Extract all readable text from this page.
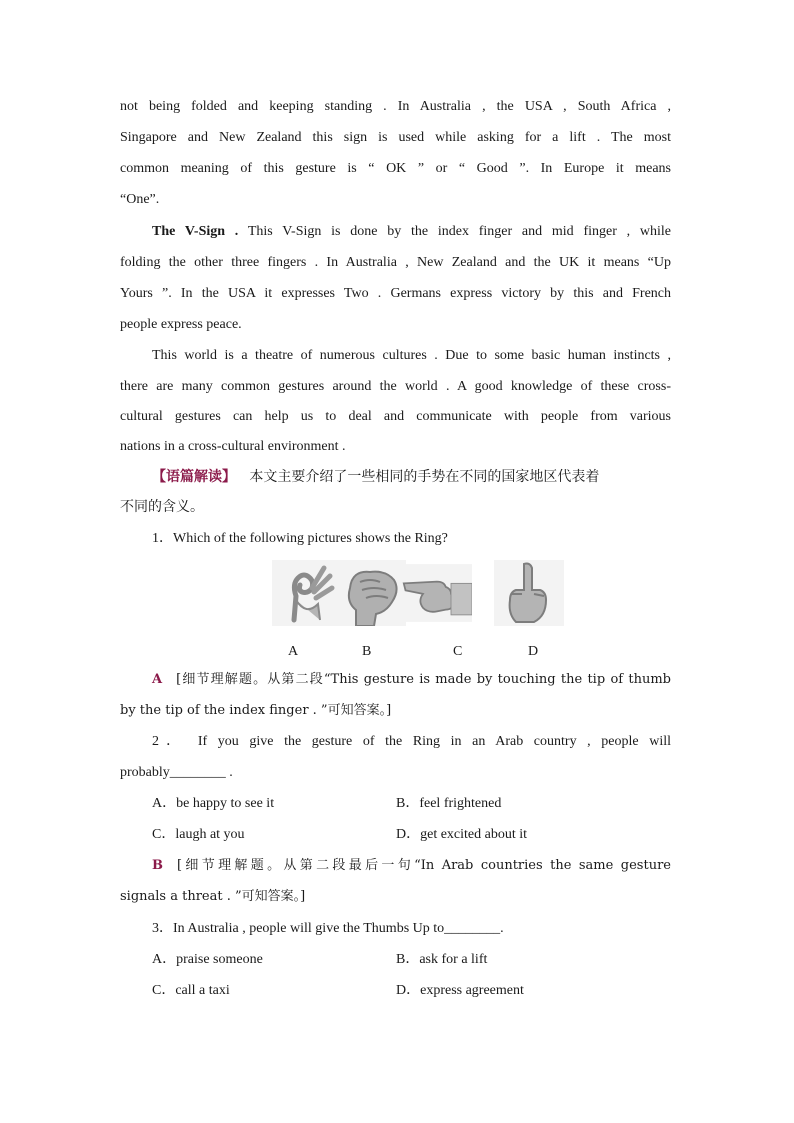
not being folded and keeping standing . In Australia , the USA , South Africa ,
Singapore and New Zealand this sign is used while asking for a lift . The most
common meaning of this gesture is “ OK ” or “ Good ”. In Europe it means
“One”.
The V-Sign . This V-Sign is done by the index finger and mid finger , while
folding the other three fingers . In Australia , New Zealand and the UK it means “Up
Yours ”. In the USA it expresses Two . Germans express victory by this and French
people express peace.
This world is a theatre of numerous cultures . Due to some basic human instincts ,
there are many common gestures around the world . A good knowledge of these cross-
cultural gestures can help us to deal and communicate with people from various
nations in a cross-cultural environment .
【语篇解读】 本文主要介绍了一些相同的手势在不同的国家地区代表着
不同的含义。
1．Which of the following pictures shows the Ring?
A	B	C	D
A [细节理解题。从第二段“This gesture is made by touching the tip of thumb
by the tip of the index finger . ”可知答案。]
2． If you give the gesture of the Ring in an Arab country , people will
probably________ .
A．be happy to see it	B．feel frightened
C．laugh at you	D．get excited about it
B [细节理解题。从第二段最后一句“In Arab countries the same gesture
signals a threat . ”可知答案。]
3．In Australia , people will give the Thumbs Up to________.
A．praise someone	B．ask for a lift
C．call a taxi	D．express agreement
